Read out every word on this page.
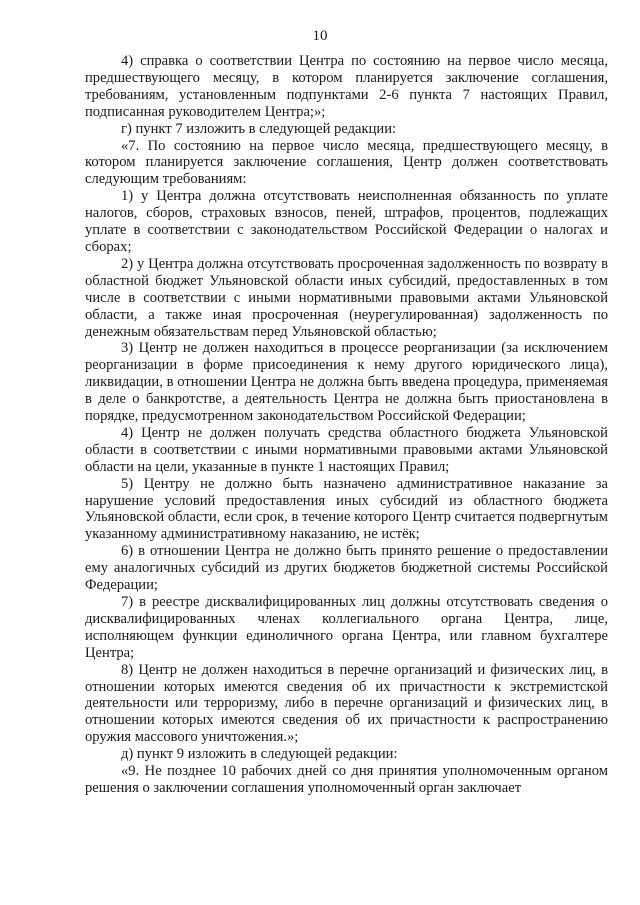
10

4) справка о соответствии Центра по состоянию на первое число месяца, предшествующего месяцу, в котором планируется заключение соглашения, требованиям, установленным подпунктами 2-6 пункта 7 настоящих Правил, подписанная руководителем Центра;»;

г) пункт 7 изложить в следующей редакции:

«7. По состоянию на первое число месяца, предшествующего месяцу, в котором планируется заключение соглашения, Центр должен соответствовать следующим требованиям:

1) у Центра должна отсутствовать неисполненная обязанность по уплате налогов, сборов, страховых взносов, пеней, штрафов, процентов, подлежащих уплате в соответствии с законодательством Российской Федерации о налогах и сборах;

2) у Центра должна отсутствовать просроченная задолженность по возврату в областной бюджет Ульяновской области иных субсидий, предоставленных в том числе в соответствии с иными нормативными правовыми актами Ульяновской области, а также иная просроченная (неурегулированная) задолженность по денежным обязательствам перед Ульяновской областью;

3) Центр не должен находиться в процессе реорганизации (за исключением реорганизации в форме присоединения к нему другого юридического лица), ликвидации, в отношении Центра не должна быть введена процедура, применяемая в деле о банкротстве, а деятельность Центра не должна быть приостановлена в порядке, предусмотренном законодательством Российской Федерации;

4) Центр не должен получать средства областного бюджета Ульяновской области в соответствии с иными нормативными правовыми актами Ульяновской области на цели, указанные в пункте 1 настоящих Правил;

5) Центру не должно быть назначено административное наказание за нарушение условий предоставления иных субсидий из областного бюджета Ульяновской области, если срок, в течение которого Центр считается подвергнутым указанному административному наказанию, не истёк;

6) в отношении Центра не должно быть принято решение о предоставлении ему аналогичных субсидий из других бюджетов бюджетной системы Российской Федерации;

7) в реестре дисквалифицированных лиц должны отсутствовать сведения о дисквалифицированных членах коллегиального органа Центра, лице, исполняющем функции единоличного органа Центра, или главном бухгалтере Центра;

8) Центр не должен находиться в перечне организаций и физических лиц, в отношении которых имеются сведения об их причастности к экстремистской деятельности или терроризму, либо в перечне организаций и физических лиц, в отношении которых имеются сведения об их причастности к распространению оружия массового уничтожения.»;

д) пункт 9 изложить в следующей редакции:

«9. Не позднее 10 рабочих дней со дня принятия уполномоченным органом решения о заключении соглашения уполномоченный орган заключает
